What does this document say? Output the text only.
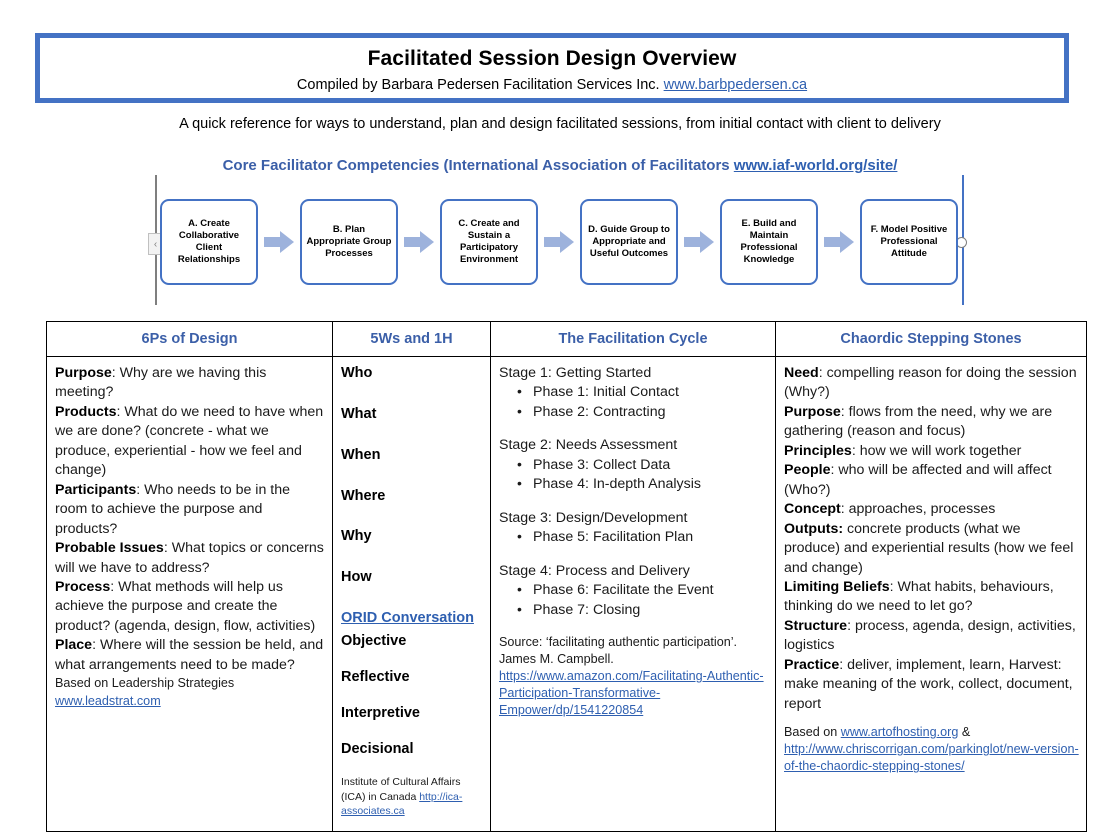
Facilitated Session Design Overview
Compiled by Barbara Pedersen Facilitation Services Inc. www.barbpedersen.ca
A quick reference for ways to understand, plan and design facilitated sessions, from initial contact with client to delivery
Core Facilitator Competencies (International Association of Facilitators www.iaf-world.org/site/
‹
A. Create Collaborative Client Relationships
B. Plan Appropriate Group Processes
C. Create and Sustain a Participatory Environment
D. Guide Group to Appropriate and Useful Outcomes
E. Build and Maintain Professional Knowledge
F. Model Positive Professional Attitude
6Ps of Design

Purpose: Why are we having this meeting?

Products: What do we need to have when we are done? (concrete - what we produce, experiential - how we feel and change)

Participants: Who needs to be in the room to achieve the purpose and products?

Probable Issues: What topics or concerns will we have to address?

Process: What methods will help us achieve the purpose and create the product? (agenda, design, flow, activities)

Place: Where will the session be held, and what arrangements need to be made?

Based on Leadership Strategies
www.leadstrat.com
5Ws and 1H
Who
What
When
Where
Why
How
ORID Conversation
Objective
Reflective
Interpretive
Decisional
Institute of Cultural Affairs (ICA) in Canada http://ica-associates.ca
The Facilitation Cycle

Stage 1: Getting Started

• Phase 1: Initial Contact

• Phase 2: Contracting

Stage 2: Needs Assessment

• Phase 3: Collect Data

• Phase 4: In-depth Analysis

Stage 3: Design/Development

• Phase 5: Facilitation Plan

Stage 4: Process and Delivery

• Phase 6: Facilitate the Event

• Phase 7: Closing

Source: ‘facilitating authentic participation’. James M. Campbell.
https://www.amazon.com/Facilitating-Authentic-Participation-Transformative-Empower/dp/1541220854
Chaordic Stepping Stones

Need: compelling reason for doing the session (Why?)

Purpose: flows from the need, why we are gathering (reason and focus)

Principles: how we will work together

People: who will be affected and will affect (Who?)

Concept: approaches, processes

Outputs: concrete products (what we produce) and experiential results (how we feel and change)

Limiting Beliefs: What habits, behaviours, thinking do we need to let go?

Structure: process, agenda, design, activities, logistics

Practice: deliver, implement, learn, Harvest: make meaning of the work, collect, document, report

Based on www.artofhosting.org &
http://www.chriscorrigan.com/parkinglot/new-version-of-the-chaordic-stepping-stones/
